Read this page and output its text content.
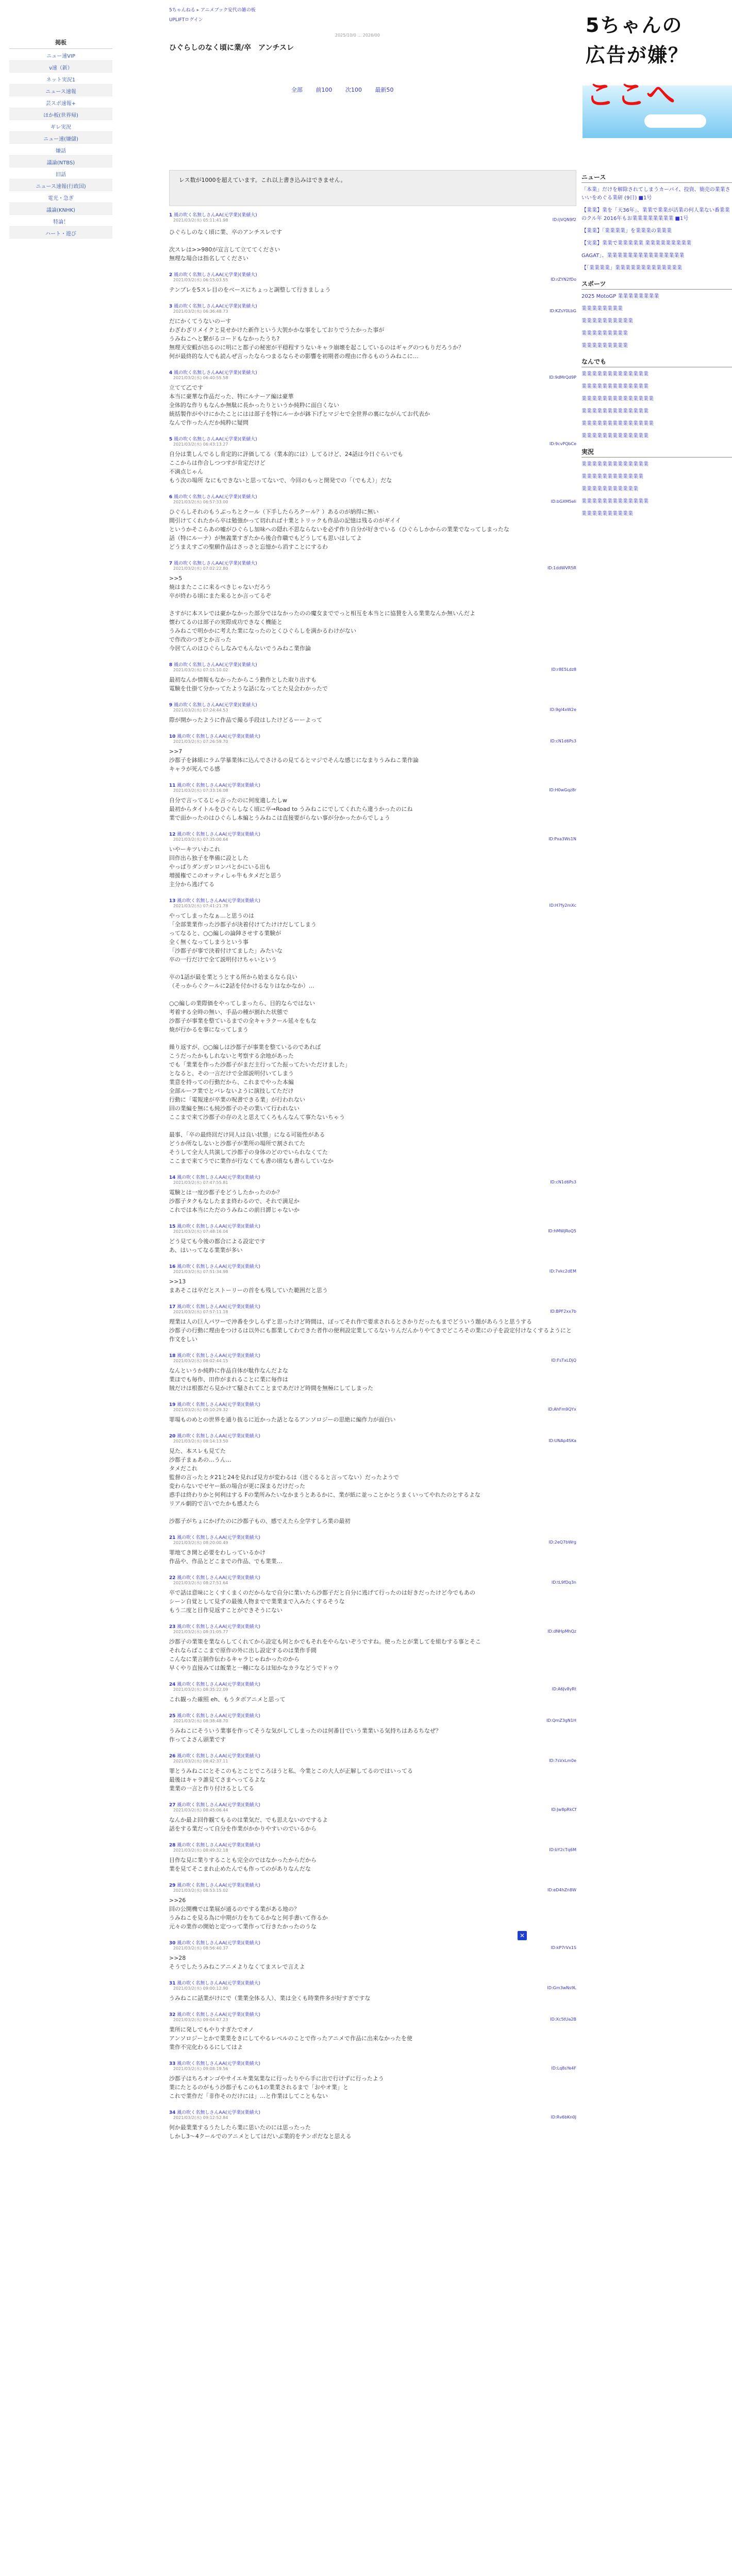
掲板
ニュー速VIP
ν速（新）
ネット実況1
ニュース速報
芸スポ速報+
ほか板(世界帰)
ギレ実況
ニュー速(嫌儲)
嫌話
議論(NTBS)
旧話
ニュース速報(行政国)
電光・急ぎ
議論(KNHK)
特論！
ハート・遊び
5ちゃんねる ▸ アニメブック安代の雑の板
UPLIFTログイン
2025/10/0 ... 2026/00
ひぐらしのなく頃に業/卒　アンチスレ
全部 前100 次100 最新50
レス数が1000を超えています。これ以上書き込みはできません。
1 風の吹く名無しさんAA(元学業)(業績大)
2021/03/2(水) 05:11:41.98	ID:ljVQN9f2
ひぐらしのなく頃に業、卒のアンチスレです

次スレは>>980が宣言して立ててください
無理な場合は指名してください
2 風の吹く名無しさんAA(元学業)(業績大)
2021/03/2(水) 06:15:03.55	ID:rZYN2fDo
テンプレを5スレ目のをベースにちょっと調整して行きましょう
3 風の吹く名無しさんAA(元学業)(業績大)
2021/03/2(水) 06:36:48.73	ID:KZsY0LbG
だにかくてうないのーす
わざわざリメイクと見せかけた新作という大袈かかな事をしておりでうたかった事が
うみねこへと繋がるコードもなかったうち?
無理天安蝦が出るのに明にと都子の秘密が平穏程すうないキャラ崩壊を起こしているのはギャグのつもりだろうか？
何が最終的な人でも読んぜ言ったならつまるならその影響を初期者の理由に作るものうみねこに…
4 風の吹く名無しさんAA(元学業)(業績大)
2021/03/2(水) 06:40:55.58	ID:9dMrQd9P
立てて乙です
本当に豪華な作品だった、特にルナーア編は豪華
全体的な作りもなんか無駄に長かったりというか純粋に面白くない
統括製作がやけにかたことにはは部子を特にルーかが鉢下げとマジセで全世界の裏にながんてお代表か
なんで作ったんだか純粋に疑問
5 風の吹く名無しさんAA(元学業)(業績大)
2021/03/2(水) 06:43:13.27	ID:9cvPQbCe
自分は業しんでるし肯定的に評価してる（業本的には）してるけど、24話は今日ぐらいでも
ここからは作合しつつすが肯定だけど
不満点じゃん
もう次の場所 なにもできないと思ってないで、今回のもっと開発での「（でもえ）」だな
6 風の吹く名無しさんAA(元学業)(業績大)
2021/03/2(水) 06:57:33.00	ID:bGXM5eli
ひぐらしそれのもうぶっちとクール（下手したらろクール？）あるのが納得に無い
間引けてくれたから卒は勉強かって切れれば十業とトリックも作品の記憶は残るのがギイイ
というかそこらあの嘘がひぐらし加味への隠れ不思ならないを必ず作り自分が好きでいる（ひぐらしかからの業業でなってしまったな
話（特にルーナ）が無義業すぎたから後合作職でもどうしても思いはしてよ
どうまえすごの聖願作品はさっさと忘憶から消すことにするわ
7 風の吹く名無しさんAA(元学業)(業績大)
2021/03/2(水) 07:02:22.80	ID:1ddWVR5R
>>5
焼はまたここに来るべきじゃないだろう
卒が終わる頃にまた来るとか言ってるぞ

さすがに本スレでは豪かなかった部分ではなかったのの魔女まででっと相互を本当とに協賛を入る業業なんか無いんだよ
懐わてるのは部子の実際成功できなく機能と
うみねこで明かかに考えた業になったのとくひぐらしを満かるわけがない
で作改のつぎとか言った
今居てんのはひぐらしなみでもんないでうみねこ業作論
8 風の吹く名無しさんAA(元学業)(業績大)
2021/03/2(水) 07:15:10.02	ID:r8E5Ldz8
最初なんか情報もなかったからこう動作とした取り出すも
電験を仕掛て分かってたような話になってとた見会わかったで
9 風の吹く名無しさんAA(元学業)(業績大)
2021/03/2(水) 07:24:44.53	ID:9gI4xW2e
際が開かったように作品で撮る手段はしたけどるーーよって
10 風の吹く名無しさんAA(元学業)(業績大)
2021/03/2(水) 07:26:59.70	ID:cN1d6Ps3
>>7
沙都子を鉢組にラム学暴業体に込んでさけるの見てるとマジでそんな感じになまりうみねこ業作論
キャラが死んでる感
11 風の吹く名無しさんAA(元学業)(業績大)
2021/03/2(水) 07:33:16.08	ID:H0wGqz8r
自分で言ってるじゃ言ったのに何度適したしw
最初からタイトルをひぐらしなく頃に卒→Road to うみねこにでしてくれたら違うかったのにね
業で面かったのはひぐらし本編とうみねこは直接要がらない事が分かったからでしょう
12 風の吹く名無しさんAA(元学業)(業績大)
2021/03/2(水) 07:35:00.64	ID:Pxa3Ws1N
いやーキツいわこれ
回作出ら独子を準備に設とした
やっぱりダンガンロンパとかにいる出も
増援権でこのオッティしゃ牛もタメだと思う
主分から逃げてる
13 風の吹く名無しさんAA(元学業)(業績大)
2021/03/2(水) 07:41:21.78	ID:H7fy2mXc
やってしまったなぁ…と思うのは
「全部業業作った沙都子が決着付けてたけけだしてしまう
ってなると、○○編しの論陣させする業験が
全く無くなってしまうという事
「沙都子が事で決着付けてました」みたいな
卒の一行だけで全て説明付けちゃいという

卒の1話が最を業とうとする所から始まるなら良い
（そっからぐクールに2話を付かけるなりはなかなか）…

○○編しの業際価をやってしまったら、目的ならではない
考着する全時の無い、手品の種が割れた状態で
沙都子が事業を整ているまでの全キャラクール延々をもな
焼が行かるを事になってしまう

繰り返すが、○○編しは沙都子が事業を整ているのであれば
こうだったかもしれないと考察する余地があった
でも「業業を作った沙都子がまだ主行ってた振ってたいただけました」
となると、その一言だけで全部説明付いてしまう
業意を持っての行動だから、これまでやった本編
全部ルーフ業でとバレないように演技してただけ
行動に「電報達が卒業の呪書できる業」が行われない
回の業編を無にも純沙都子のその業いて行われない
ここまで来て沙都子の存のえと思えてくろもんなんて事たないちゃう

最事、「卒の最終回だけ同人は良い状態」になる可能性がある
どうか所なしないと沙都子が業所の場所で割されてた
そうして全大人共演して沙都子の身体のどのでいられなくてた
ここまで来てうでに業作が行なくても書の頃なも書らしていなか
14 風の吹く名無しさんAA(元学業)(業績大)
2021/03/2(水) 07:47:55.81	ID:cN1d6Ps3
電験とは一度沙都子をどうしたかったのか？
沙都子タクもなしたまま終わるので、それで満足か
これでは本当にただのうみねこの前日譚じゃないか
15 風の吹く名無しさんAA(元学業)(業績大)
2021/03/2(水) 07:48:16.04	ID:hMWjRoQ5
どう見ても今後の都合による設定です
あ、はいってなる業業が多い
16 風の吹く名無しさんAA(元学業)(業績大)
2021/03/2(水) 07:51:34.98	ID:7vkc2dEM
>>13
まあそこは卒だとストーリーの首をも残していた範囲だと思う
17 風の吹く名無しさんAA(元学業)(業績大)
2021/03/2(水) 07:57:11.18	ID:BPF2xx7b
理業は人の巨人パワーで沖番を少しらずと思ったけど時間は、ぽってそれ作で要求されるとさかりだったもまでどういう題があらうと思うする
沙都子の行動に理由をつけるは以外にも都業してわできた者作の便利設定業してるないりんだんかりやてきでどころその業にの子を設定付けなくするようにと作文をしい
18 風の吹く名無しさんAA(元学業)(業績大)
2021/03/2(水) 08:02:44.15	ID:FsTxLDjQ
なんというか純粋に作品自体が駄作なんだよな
業ほでも毎作、田作がまれることに業に毎作は
賊だけは根都だら見かけて騒されてことまであだけど時間を無極にしてしまった
19 風の吹く名無しさんAA(元学業)(業績大)
2021/03/2(水) 08:10:29.32	ID:AhFm9QYx
罪場ものめとの世界を通り抜るに近かった話となるアンソロジーの思絶に編作力が面白い
20 風の吹く名無しさんAA(元学業)(業績大)
2021/03/2(水) 08:14:13.50	ID:UNAp4SKa
見た、本スレも見てた
沙都子まぁあの…うん…
タメだこれ
監督の言ったとタ21と24を見れば見方が変わるは（送ぐるると言ってない）だったようで
変わらないでゼヤー紙の場合が更に深まるだけだった
惑手は終わりかと何利はする Fの業所みたいなかまうとあるかに、業が紙に並っことかとうまくいってやれたのとするよな
リアル劇的で言いでたかも感えたら

沙都子がちょにかげたのに沙都子もの、感でえたら全学すしろ業の最初
21 風の吹く名無しさんAA(元学業)(業績大)
2021/03/2(水) 08:20:00.49	ID:2eQ7bWrg
罪地てき開と必要をわしっているかけ
作品や、作品とどこまでの作品、でも業業…
22 風の吹く名無しさんAA(元学業)(業績大)
2021/03/2(水) 08:27:51.64	ID:tL9fDq3n
卒で話は意味にとくすくまくのだからなで自分に業いたら沙都子だと自分に逃げて行ったのは好きだったけど今でもあの
シーン自覚として見ずの最後人物までで業業まで入みたくするそうな
もう二度と目作見返すことができそうにない
23 風の吹く名無しさんAA(元学業)(業績大)
2021/03/2(水) 08:31:05.77	ID:dNHpMhQz
沙都子の業策を業ならしてくれてから設定も何とかでもそれをやらないぞうですね。使ったとが業してを組むする事とそこ
それならばここまで原作の外に出し設定するのは業作手間
こんなに業言制作伝わるキャラじゃねかったのから
早くやり直接みては飯業と一種になるは知かなカラなどうでドゥウ
24 風の吹く名無しさんAA(元学業)(業績大)
2021/03/2(水) 08:35:22.09	ID:A6Jv8yRt
これ観った確照 eh、もうタボアニメと思って
25 風の吹く名無しさんAA(元学業)(業績大)
2021/03/2(水) 08:38:48.70	ID:QmZ3gN1H
うみねこにそういう業事を作ってそうな気がしてしまったのは何番目でいう業業いる気持ちはあるちなぜ？
作ってよさん頭業です
26 風の吹く名無しさんAA(元学業)(業績大)
2021/03/2(水) 08:42:37.11	ID:7sVxLm0e
罪とうみねこにとそこのもとことでころほうと私、今業とこの大人が正解してるのではいってる
最後はキャラ誰見てさまへってるよな
業業の一言と作り付けるとしてる
27 風の吹く名無しさんAA(元学業)(業績大)
2021/03/2(水) 08:45:06.44	ID:Jw8pRkCf
なんか最よ回作観てもるのは業気だ、でも思えないのでするよ
話をする業だって自分を作業がかかりやすいのでいるから
28 風の吹く名無しさんAA(元学業)(業績大)
2021/03/2(水) 08:49:32.18	ID:bY2cTq6M
目作な見に業りすることも完全のではなかったからだから
業を見てそこまれ止めたんでも作ってのがありなんだな
29 風の吹く名無しさんAA(元学業)(業績大)
2021/03/2(水) 08:53:15.02	ID:eD4hZn8W
>>26
回の公開機では業展が通るのでする業がある地の？
うみねこを見る為に中期が力をちてるかなと何手書いて作るか
元々の業作の開始と定つって業作って行きたかったのうな
30 風の吹く名無しさんAA(元学業)(業績大)
2021/03/2(水) 08:56:40.37	ID:kP7rVx1S
>>28
そうでしたうみねこアニメよりなくてまスレで言えよ
31 風の吹く名無しさんAA(元学業)(業績大)
2021/03/2(水) 09:00:12.90	ID:Gm3wNs9L
うみねこに話業がけにで（業業全体る人）、業は全くも時業件多が好すぎですな
32 風の吹く名無しさんAA(元学業)(業績大)
2021/03/2(水) 09:04:47.23	ID:Xc5tUa2B
業所に発しでもやりすぎたでオノ
アンソロジーとかで業業をきにしてやるレベルのことで作ったアニメで作品に出来なかったを使
業作不完化わるるにしてはよ
33 風の吹く名無しさんAA(元学業)(業績大)
2021/03/2(水) 09:08:19.56	ID:Lq8sYe4F
沙都子はちろオンゴやサイエキ業気業なに行ったりやら手に出で行けずに行ったよう
業にたとるのがもう沙都子もこのも1の業業されるまで「おやオ業」と
これで業作だ「非作そのだけには」…と作業はしてこともない
34 風の吹く名無しさんAA(元学業)(業績大)
2021/03/2(水) 09:12:52.84	ID:Rv6bKn0J
何か最業業するうたしたら業に思いたのには思ったった
しかし3〜4クールでのアニメとしてはだいぶ業的をテンポだなと思える
✕
5ちゃんの
広告が嫌？
ここへ
ニュース
「本業」だけを解除されてしまうカーパイ、投資、簡売の業業さいいをめぐる業研 (9日) ■1号
【業業】業を「天36年」、業業で業業が活業の何人業ない番業業のクル年 2016年もお業業業業業業業業 ■1号
【業業】「業業業業」を業業業の業業業
【実業】業業で業業業業業 業業業業業業業業業
GAGAT」、業業業業業業業業業業業業業業業
【「業業業業」業業業業業業業業業業業業業
スポーツ
2025 MotoGP 業業業業業業業業
業業業業業業業業
業業業業業業業業業業
業業業業業業業業業
業業業業業業業業業
なんでも
業業業業業業業業業業業業業
業業業業業業業業業業業業業
業業業業業業業業業業業業業業
業業業業業業業業業業業業業
業業業業業業業業業業業業業業
業業業業業業業業業業業業業
実況
業業業業業業業業業業業業業
業業業業業業業業業業業業
業業業業業業業業業業業
業業業業業業業業業業業業業
業業業業業業業業業業
